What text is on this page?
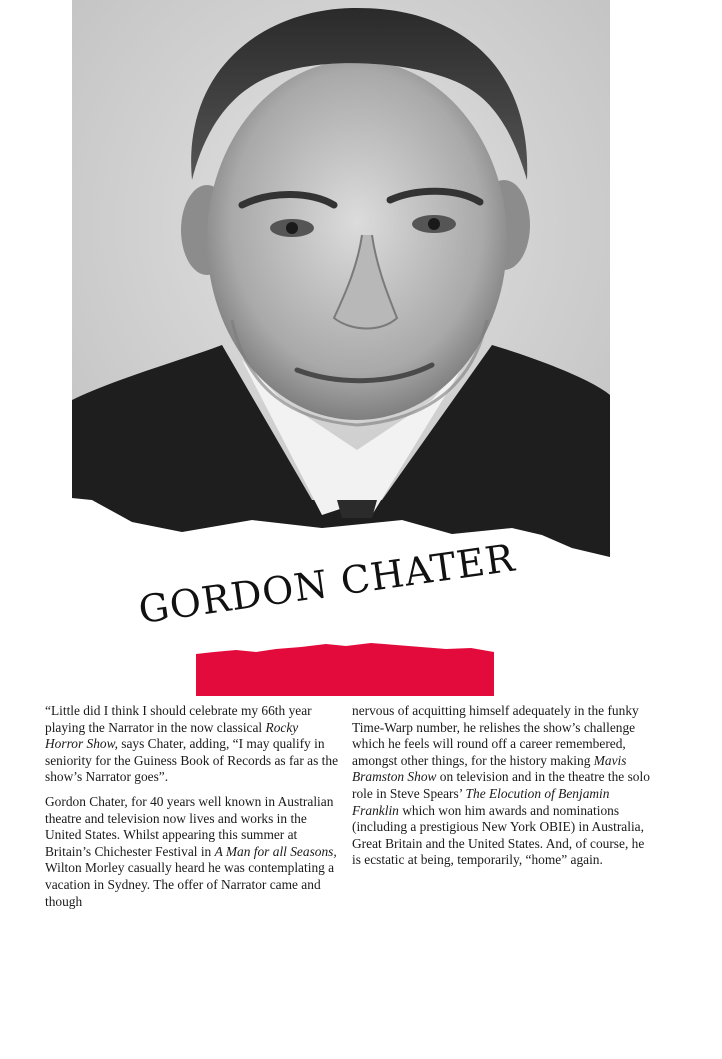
GORDON CHATER

“Little did I think I should celebrate my 66th year playing the Narrator in the now classical Rocky Horror Show, says Chater, adding, “I may qualify in seniority for the Guiness Book of Records as far as the show’s Narrator goes”.

Gordon Chater, for 40 years well known in Australian theatre and television now lives and works in the United States. Whilst appearing this summer at Britain’s Chichester Festival in A Man for all Seasons, Wilton Morley casually heard he was contemplating a vacation in Sydney. The offer of Narrator came and though

nervous of acquitting himself adequately in the funky Time-Warp number, he relishes the show’s challenge which he feels will round off a career remembered, amongst other things, for the history making Mavis Bramston Show on television and in the theatre the solo role in Steve Spears’ The Elocution of Benjamin Franklin which won him awards and nominations (including a prestigious New York OBIE) in Australia, Great Britain and the United States. And, of course, he is ecstatic at being, temporarily, “home” again.
